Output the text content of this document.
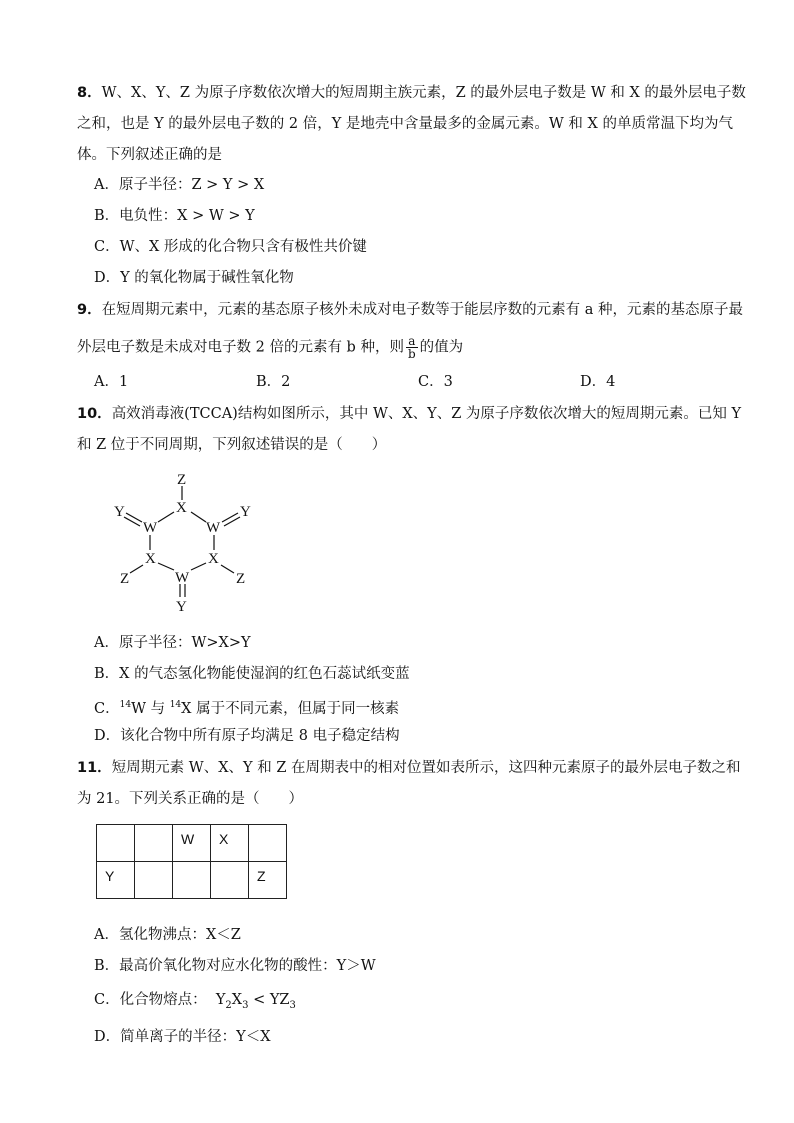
8．W、X、Y、Z 为原子序数依次增大的短周期主族元素，Z 的最外层电子数是 W 和 X 的最外层电子数
之和，也是 Y 的最外层电子数的 2 倍，Y 是地壳中含量最多的金属元素。W 和 X 的单质常温下均为气
体。下列叙述正确的是
A．原子半径：Z > Y > X
B．电负性：X > W > Y
C．W、X 形成的化合物只含有极性共价键
D．Y 的氧化物属于碱性氧化物
9．在短周期元素中，元素的基态原子核外未成对电子数等于能层序数的元素有 a 种，元素的基态原子最
外层电子数是未成对电子数 2 倍的元素有 b 种，则 $\frac{a}{b}$ 的值为
A．1	B．2	C．3	D．4
10．高效消毒液(TCCA)结构如图所示，其中 W、X、Y、Z 为原子序数依次增大的短周期元素。已知 Y
和 Z 位于不同周期，下列叙述错误的是（　　）
Z
X
Y
W	W
Y
X	X
Z	Z
W
Y
A．原子半径：W>X>Y
B．X 的气态氢化物能使湿润的红色石蕊试纸变蓝
C．$^{14}$W 与 $^{14}$X 属于不同元素，但属于同一核素
D．该化合物中所有原子均满足 8 电子稳定结构
11．短周期元素 W、X、Y 和 Z 在周期表中的相对位置如表所示，这四种元素原子的最外层电子数之和
为 21。下列关系正确的是（　　）
		W	X	
Y				Z
A．氢化物沸点：X＜Z
B．最高价氧化物对应水化物的酸性：Y＞W
C．化合物熔点： $Y_2X_3 < YZ_3$
D．简单离子的半径：Y＜X
